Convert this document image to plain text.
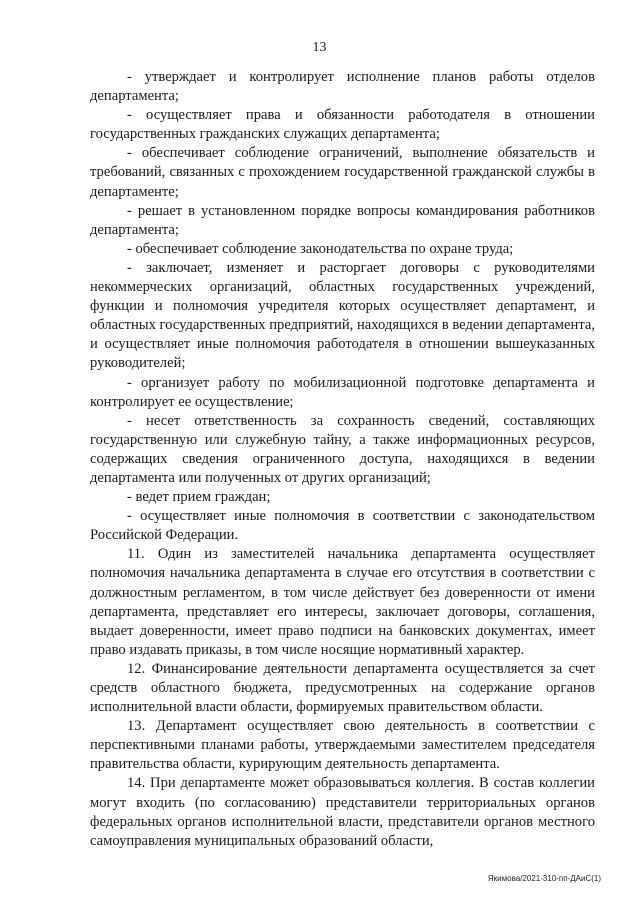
13

- утверждает и контролирует исполнение планов работы отделов департамента;

- осуществляет права и обязанности работодателя в отношении государственных гражданских служащих департамента;

- обеспечивает соблюдение ограничений, выполнение обязательств и требований, связанных с прохождением государственной гражданской службы в департаменте;

- решает в установленном порядке вопросы командирования работников департамента;

- обеспечивает соблюдение законодательства по охране труда;

- заключает, изменяет и расторгает договоры с руководителями некоммерческих организаций, областных государственных учреждений, функции и полномочия учредителя которых осуществляет департамент, и областных государственных предприятий, находящихся в ведении департамента, и осуществляет иные полномочия работодателя в отношении вышеуказанных руководителей;

- организует работу по мобилизационной подготовке департамента и контролирует ее осуществление;

- несет ответственность за сохранность сведений, составляющих государственную или служебную тайну, а также информационных ресурсов, содержащих сведения ограниченного доступа, находящихся в ведении департамента или полученных от других организаций;

- ведет прием граждан;

- осуществляет иные полномочия в соответствии с законодательством Российской Федерации.

11. Один из заместителей начальника департамента осуществляет полномочия начальника департамента в случае его отсутствия в соответствии с должностным регламентом, в том числе действует без доверенности от имени департамента, представляет его интересы, заключает договоры, соглашения, выдает доверенности, имеет право подписи на банковских документах, имеет право издавать приказы, в том числе носящие нормативный характер.

12. Финансирование деятельности департамента осуществляется за счет средств областного бюджета, предусмотренных на содержание органов исполнительной власти области, формируемых правительством области.

13. Департамент осуществляет свою деятельность в соответствии с перспективными планами работы, утверждаемыми заместителем председателя правительства области, курирующим деятельность департамента.

14. При департаменте может образовываться коллегия. В состав коллегии могут входить (по согласованию) представители территориальных органов федеральных органов исполнительной власти, представители органов местного самоуправления муниципальных образований области,

Якимова/2021-310-пп-ДАиС(1)
